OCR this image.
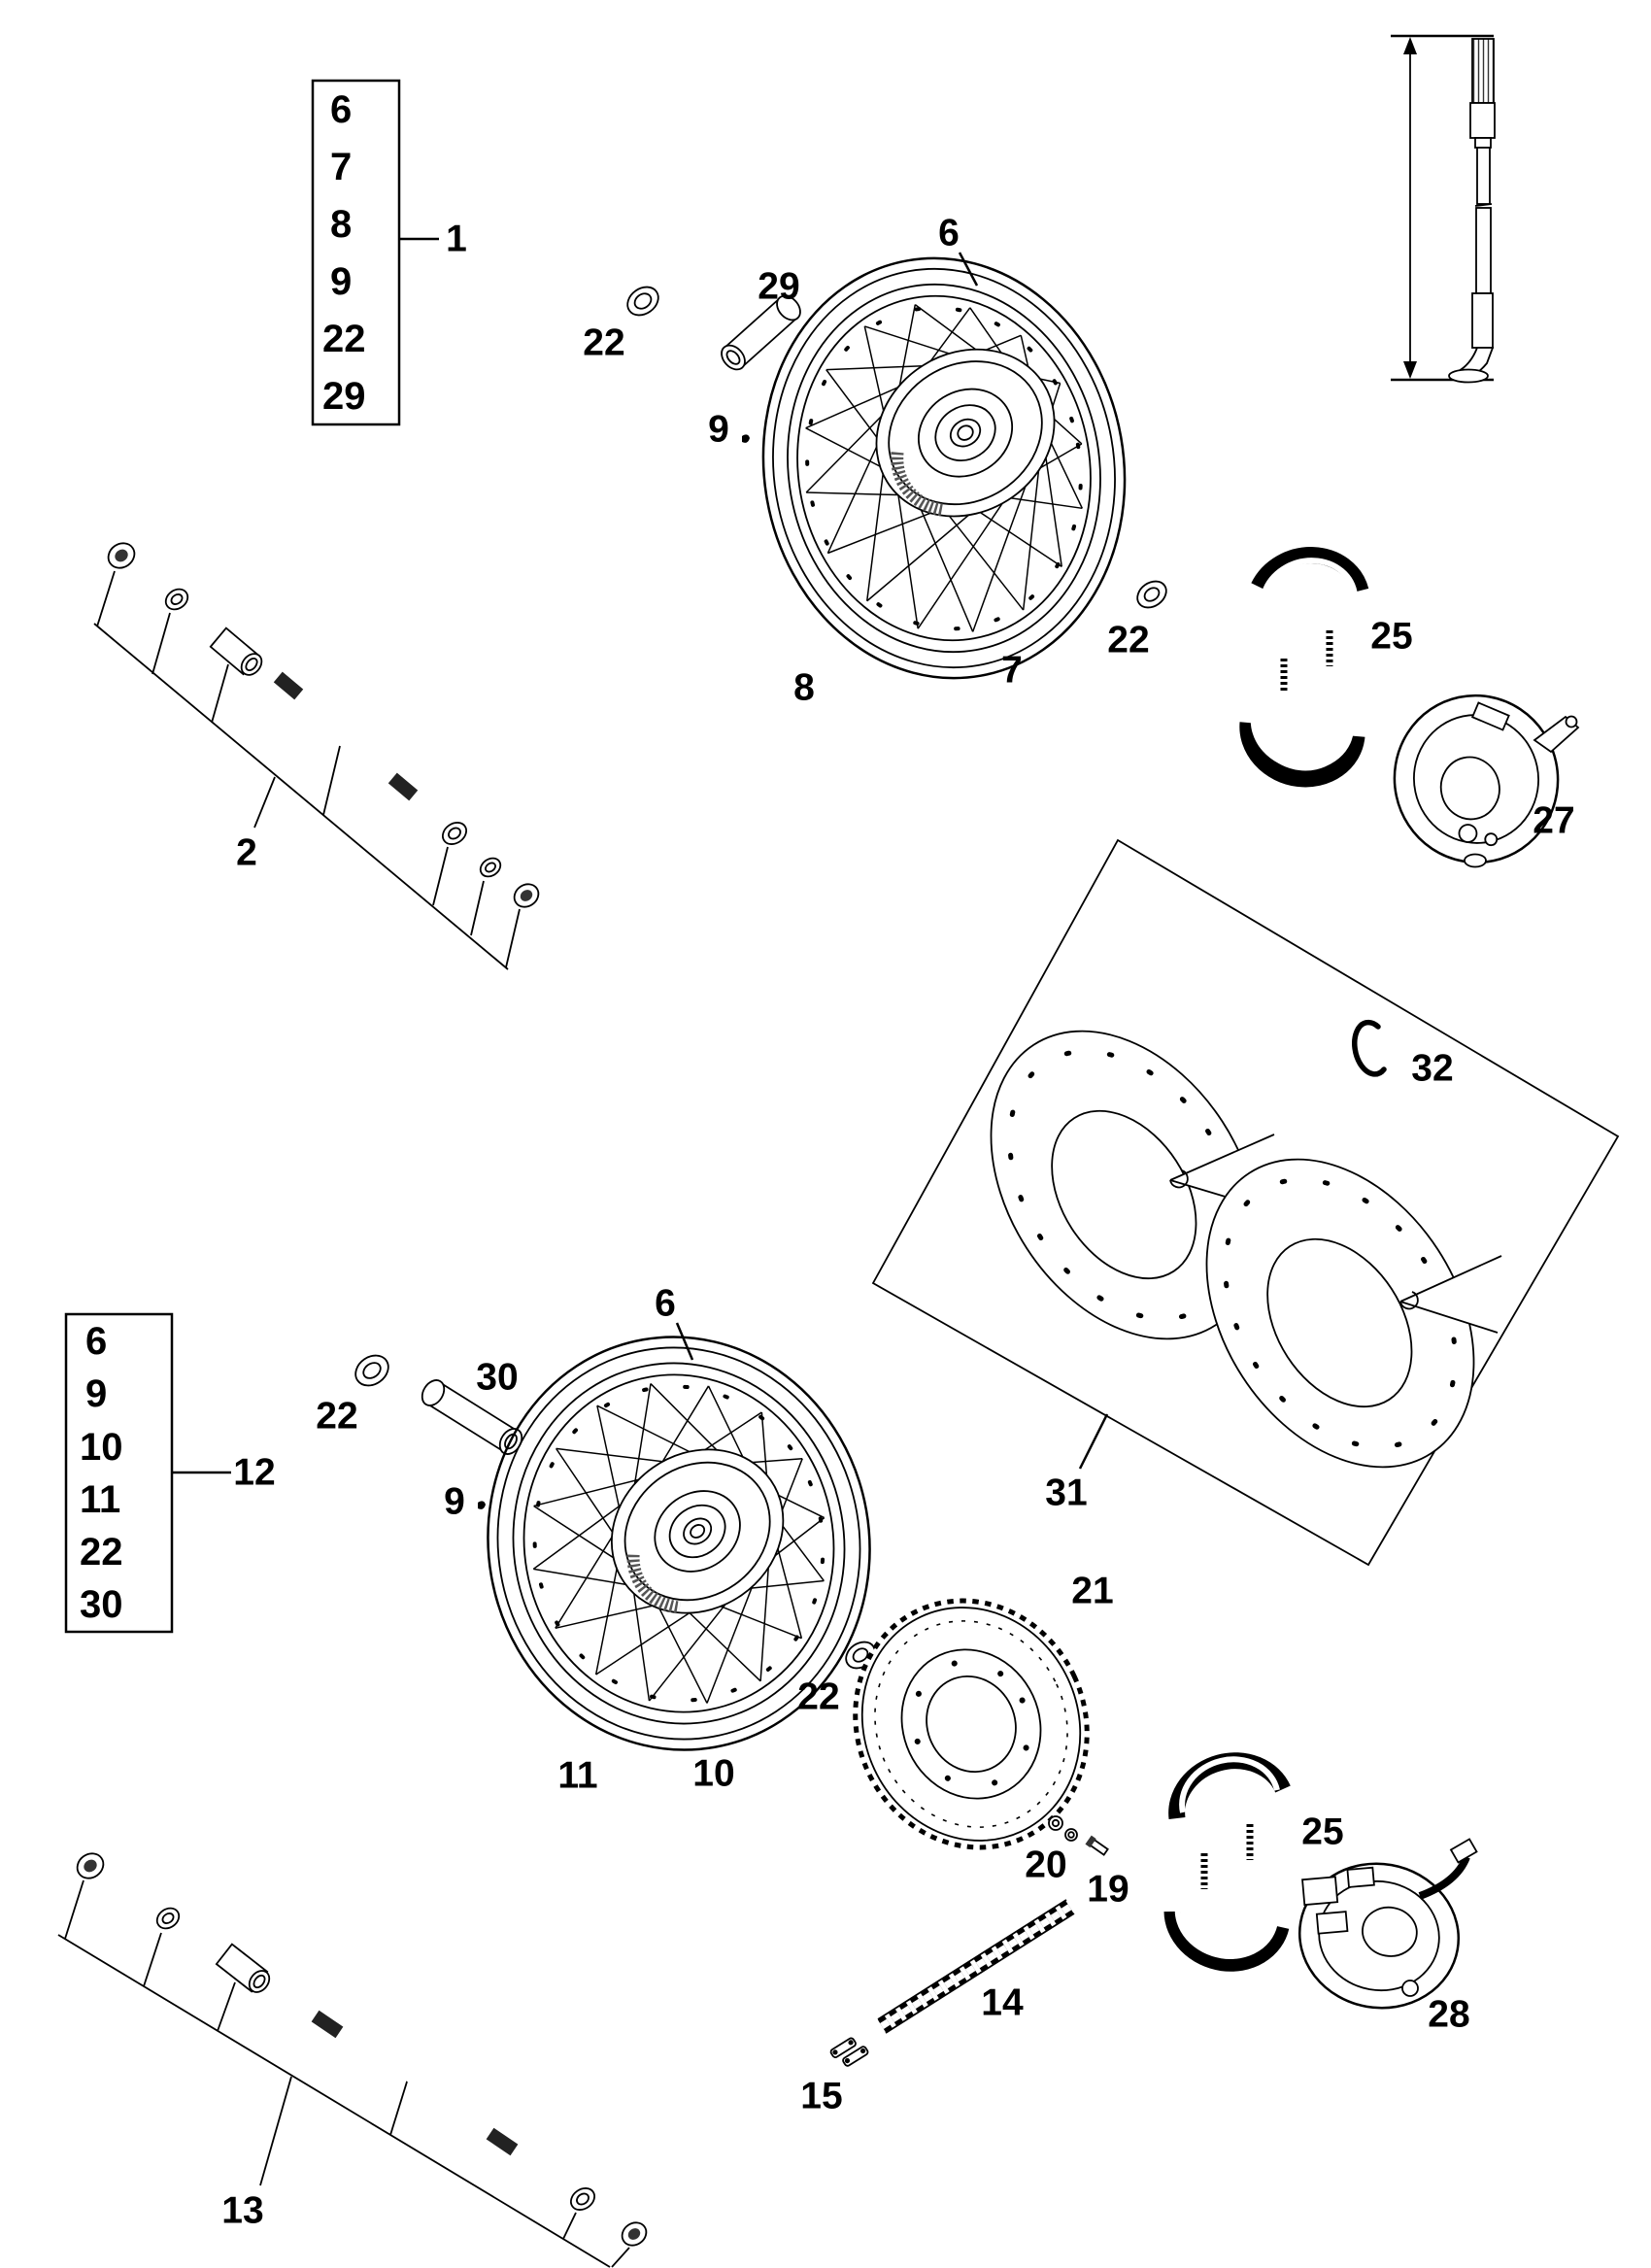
6
7
8
9
22
29
1	6
8	7
22
29
9
22
2
25
27
31
32
6
9
10
11
22
30
12
22
30
9
6
11	10
22
21
20
19
14
15
25
28
13
